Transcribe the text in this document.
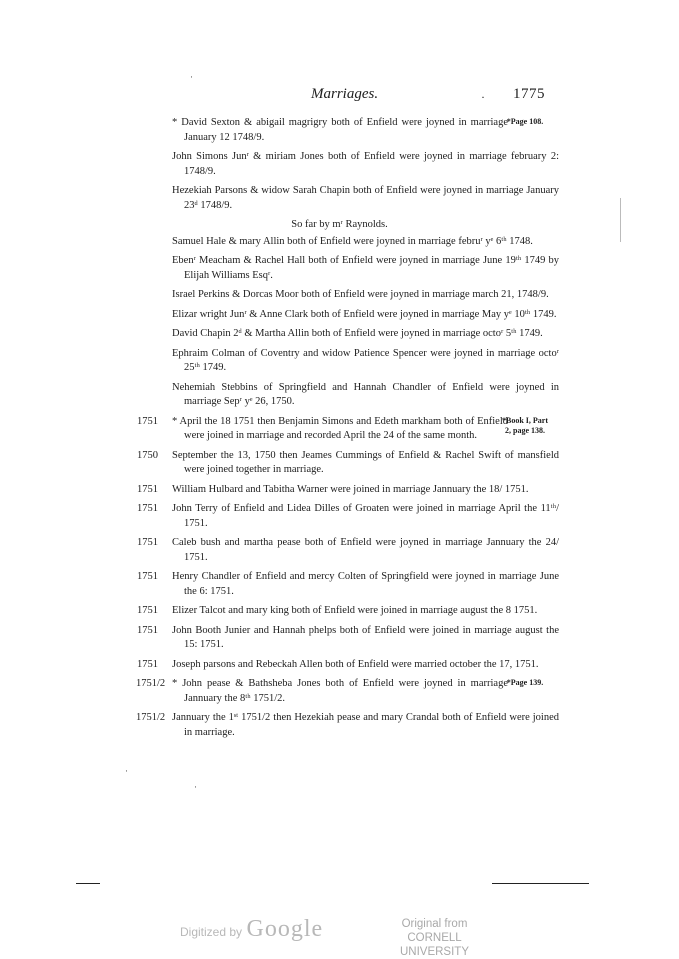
·
Marriages.	· 1775
* David Sexton & abigail magrigry both of Enfield were joyned in marriage January 12 1748/9.
*Page 108.
John Simons Junʳ & miriam Jones both of Enfield were joyned in marriage february 2: 1748/9.
Hezekiah Parsons & widow Sarah Chapin both of Enfield were joyned in marriage January 23ᵈ 1748/9.
So far by mʳ Raynolds.
Samuel Hale & mary Allin both of Enfield were joyned in marriage februʳ yᵉ 6ᵗʰ 1748.
Ebenʳ Meacham & Rachel Hall both of Enfield were joyned in marriage June 19ᵗʰ 1749 by Elijah Williams Esqʳ.
Israel Perkins & Dorcas Moor both of Enfield were joyned in marriage march 21, 1748/9.
Elizar wright Junʳ & Anne Clark both of Enfield were joyned in marriage May yᵉ 10ᵗʰ 1749.
David Chapin 2ᵈ & Martha Allin both of Enfield were joyned in marriage octoʳ 5ᵗʰ 1749.
Ephraim Colman of Coventry and widow Patience Spencer were joyned in marriage octoʳ 25ᵗʰ 1749.
Nehemiah Stebbins of Springfield and Hannah Chandler of Enfield were joyned in marriage Sepʳ yᵉ 26, 1750.
1751 * April the 18 1751 then Benjamin Simons and Edeth markham both of Enfield were joined in marriage and recorded April the 24 of the same month.
*Book I, Part 2, page 138.
1750 September the 13, 1750 then Jeames Cummings of Enfield & Rachel Swift of mansfield were joined together in marriage.
1751 William Hulbard and Tabitha Warner were joined in marriage Jannuary the 18/ 1751.
1751 John Terry of Enfield and Lidea Dilles of Groaten were joined in marriage April the 11ᵗʰ/ 1751.
1751 Caleb bush and martha pease both of Enfield were joyned in marriage Jannuary the 24/ 1751.
1751 Henry Chandler of Enfield and mercy Colten of Springfield were joyned in marriage June the 6: 1751.
1751 Elizer Talcot and mary king both of Enfield were joined in marriage august the 8 1751.
1751 John Booth Junier and Hannah phelps both of Enfield were joined in marriage august the 15: 1751.
1751 Joseph parsons and Rebeckah Allen both of Enfield were married october the 17, 1751.
1751/2 * John pease & Bathsheba Jones both of Enfield were joyned in marriage Jannuary the 8ᵗʰ 1751/2.
*Page 139.
1751/2 Jannuary the 1ˢᵗ 1751/2 then Hezekiah pease and mary Crandal both of Enfield were joined in marriage.
·
·
Digitized by Google	Original from
CORNELL UNIVERSITY
